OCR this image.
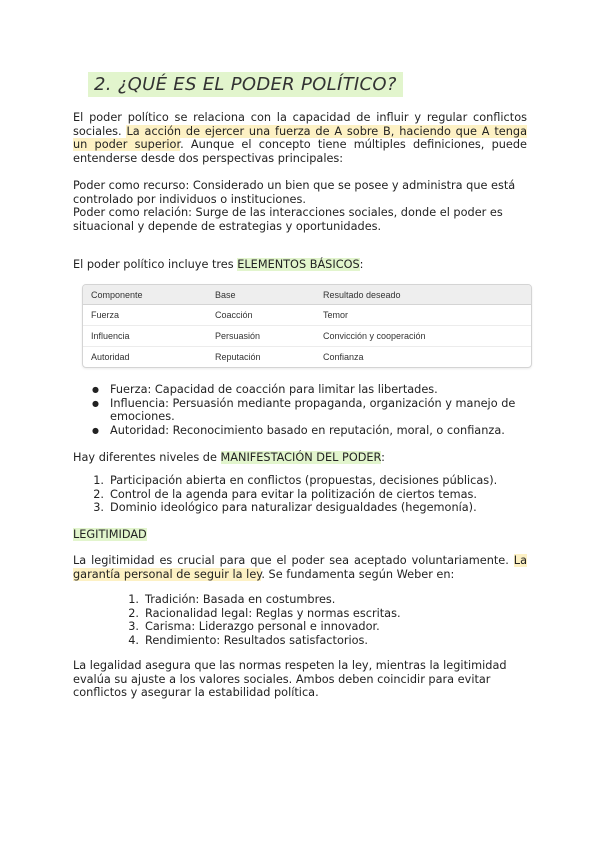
2. ¿QUÉ ES EL PODER POLÍTICO?
El poder político se relaciona con la capacidad de influir y regular conflictos sociales. La acción de ejercer una fuerza de A sobre B, haciendo que A tenga un poder superior. Aunque el concepto tiene múltiples definiciones, puede entenderse desde dos perspectivas principales:
Poder como recurso: Considerado un bien que se posee y administra que está controlado por individuos o instituciones.
Poder como relación: Surge de las interacciones sociales, donde el poder es situacional y depende de estrategias y oportunidades.
El poder político incluye tres ELEMENTOS BÁSICOS:
Componente	Base	Resultado deseado
Fuerza	Coacción	Temor
Influencia	Persuasión	Convicción y cooperación
Autoridad	Reputación	Confianza
● Fuerza: Capacidad de coacción para limitar las libertades.
● Influencia: Persuasión mediante propaganda, organización y manejo de emociones.
● Autoridad: Reconocimiento basado en reputación, moral, o confianza.
Hay diferentes niveles de MANIFESTACIÓN DEL PODER:
1. Participación abierta en conflictos (propuestas, decisiones públicas).
2. Control de la agenda para evitar la politización de ciertos temas.
3. Dominio ideológico para naturalizar desigualdades (hegemonía).
LEGITIMIDAD
La legitimidad es crucial para que el poder sea aceptado voluntariamente. La garantía personal de seguir la ley. Se fundamenta según Weber en:
1. Tradición: Basada en costumbres.
2. Racionalidad legal: Reglas y normas escritas.
3. Carisma: Liderazgo personal e innovador.
4. Rendimiento: Resultados satisfactorios.
La legalidad asegura que las normas respeten la ley, mientras la legitimidad evalúa su ajuste a los valores sociales. Ambos deben coincidir para evitar conflictos y asegurar la estabilidad política.
